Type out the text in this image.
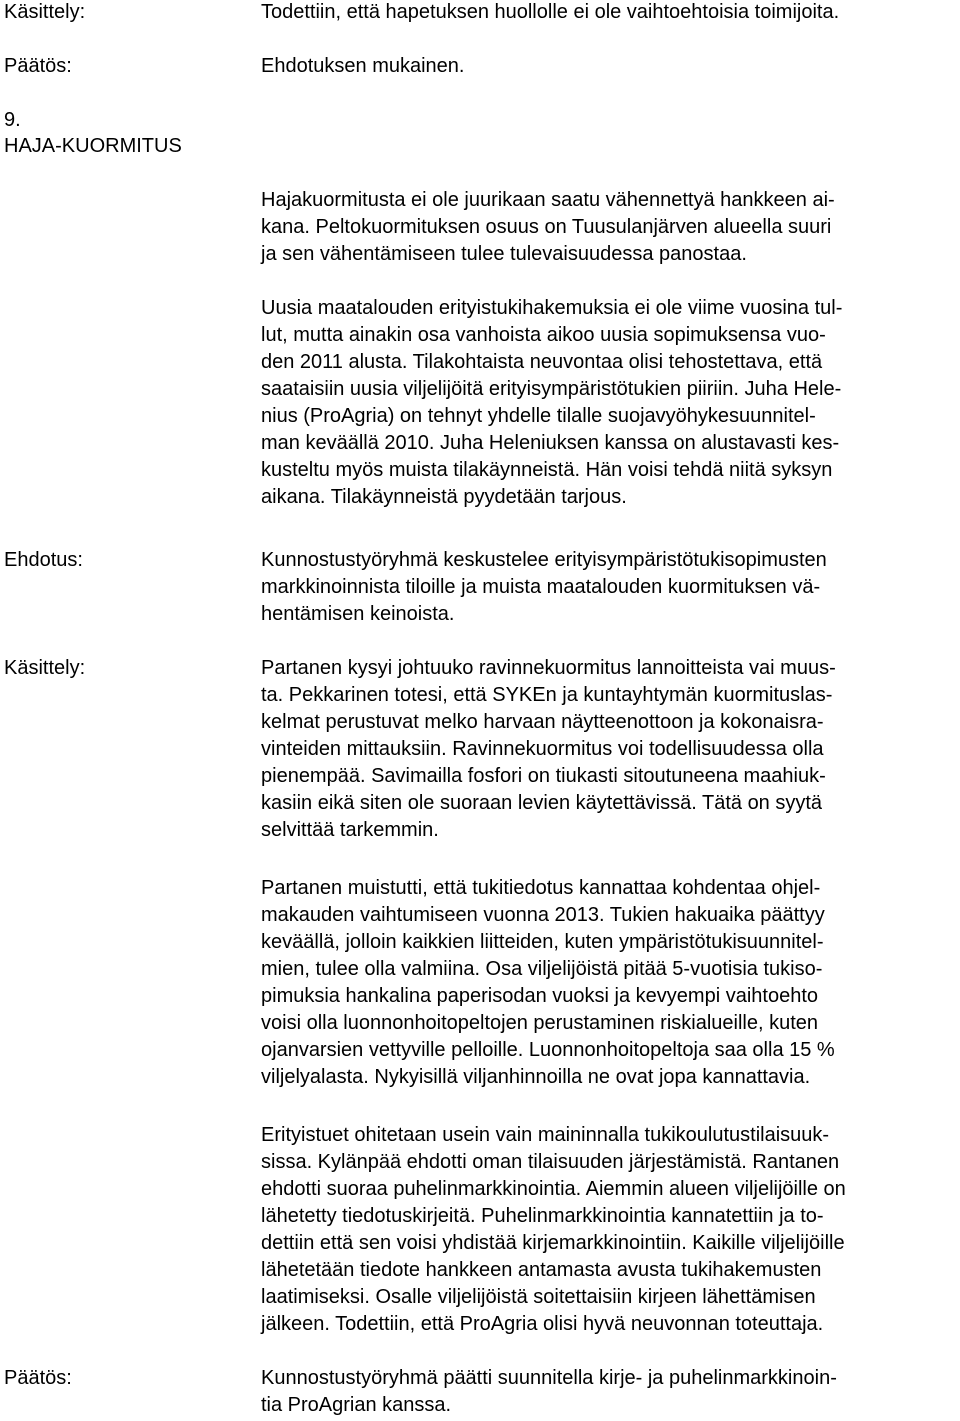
Käsittely:	Todettiin, että hapetuksen huollolle ei ole vaihtoehtoisia toimijoita.
Päätös:	Ehdotuksen mukainen.
9.
HAJA-KUORMITUS
Hajakuormitusta ei ole juurikaan saatu vähennettyä hankkeen ai-
kana. Peltokuormituksen osuus on Tuusulanjärven alueella suuri
ja sen vähentämiseen tulee tulevaisuudessa panostaa.
Uusia maatalouden erityistukihakemuksia ei ole viime vuosina tul-
lut, mutta ainakin osa vanhoista aikoo uusia sopimuksensa vuo-
den 2011 alusta. Tilakohtaista neuvontaa olisi tehostettava, että
saataisiin uusia viljelijöitä erityisympäristötukien piiriin. Juha Hele-
nius (ProAgria) on tehnyt yhdelle tilalle suojavyöhykesuunnitel-
man keväällä 2010. Juha Heleniuksen kanssa on alustavasti kes-
kusteltu myös muista tilakäynneistä. Hän voisi tehdä niitä syksyn
aikana. Tilakäynneistä pyydetään tarjous.
Ehdotus:	Kunnostustyöryhmä keskustelee erityisympäristötukisopimusten
markkinoinnista tiloille ja muista maatalouden kuormituksen vä-
hentämisen keinoista.
Käsittely:	Partanen kysyi johtuuko ravinnekuormitus lannoitteista vai muus-
ta. Pekkarinen totesi, että SYKEn ja kuntayhtymän kuormituslas-
kelmat perustuvat melko harvaan näytteenottoon ja kokonaisra-
vinteiden mittauksiin. Ravinnekuormitus voi todellisuudessa olla
pienempää. Savimailla fosfori on tiukasti sitoutuneena maahiuk-
kasiin eikä siten ole suoraan levien käytettävissä. Tätä on syytä
selvittää tarkemmin.
Partanen muistutti, että tukitiedotus kannattaa kohdentaa ohjel-
makauden vaihtumiseen vuonna 2013. Tukien hakuaika päättyy
keväällä, jolloin kaikkien liitteiden, kuten ympäristötukisuunnitel-
mien, tulee olla valmiina. Osa viljelijöistä pitää 5-vuotisia tukiso-
pimuksia hankalina paperisodan vuoksi ja kevyempi vaihtoehto
voisi olla luonnonhoitopeltojen perustaminen riskialueille, kuten
ojanvarsien vettyville pelloille. Luonnonhoitopeltoja saa olla 15 %
viljelyalasta. Nykyisillä viljanhinnoilla ne ovat jopa kannattavia.
Erityistuet ohitetaan usein vain maininnalla tukikoulutustilaisuuk-
sissa. Kylänpää ehdotti oman tilaisuuden järjestämistä. Rantanen
ehdotti suoraa puhelinmarkkinointia. Aiemmin alueen viljelijöille on
lähetetty tiedotuskirjeitä. Puhelinmarkkinointia kannatettiin ja to-
dettiin että sen voisi yhdistää kirjemarkkinointiin. Kaikille viljelijöille
lähetetään tiedote hankkeen antamasta avusta tukihakemusten
laatimiseksi. Osalle viljelijöistä soitettaisiin kirjeen lähettämisen
jälkeen. Todettiin, että ProAgria olisi hyvä neuvonnan toteuttaja.
Päätös:	Kunnostustyöryhmä päätti suunnitella kirje- ja puhelinmarkkinoin-
tia ProAgrian kanssa.
